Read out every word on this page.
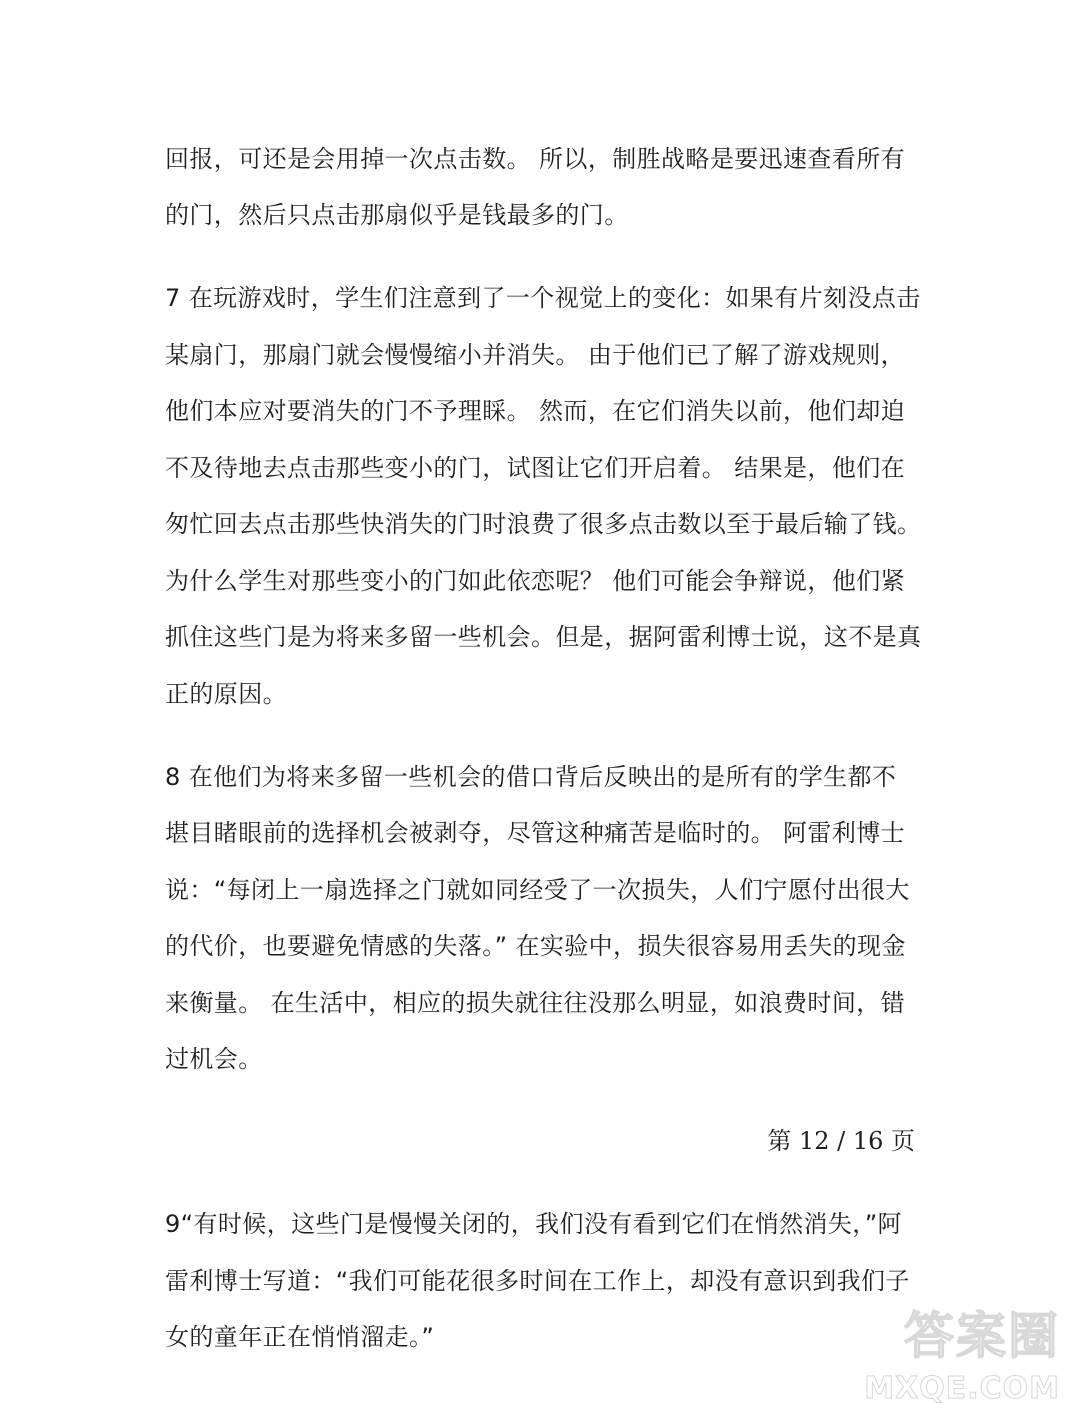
回报，可还是会用掉一次点击数。 所以，制胜战略是要迅速查看所有
的门，然后只点击那扇似乎是钱最多的门。
7 在玩游戏时，学生们注意到了一个视觉上的变化：如果有片刻没点击
某扇门，那扇门就会慢慢缩小并消失。 由于他们已了解了游戏规则，
他们本应对要消失的门不予理睬。 然而，在它们消失以前，他们却迫
不及待地去点击那些变小的门，试图让它们开启着。 结果是，他们在
匆忙回去点击那些快消失的门时浪费了很多点击数以至于最后输了钱。
为什么学生对那些变小的门如此依恋呢？ 他们可能会争辩说，他们紧
抓住这些门是为将来多留一些机会。但是，据阿雷利博士说，这不是真
正的原因。
8 在他们为将来多留一些机会的借口背后反映出的是所有的学生都不
堪目睹眼前的选择机会被剥夺，尽管这种痛苦是临时的。 阿雷利博士
说：“每闭上一扇选择之门就如同经受了一次损失，人们宁愿付出很大
的代价，也要避免情感的失落。” 在实验中，损失很容易用丢失的现金
来衡量。 在生活中，相应的损失就往往没那么明显，如浪费时间，错
过机会。
第 12 / 16 页
9“有时候，这些门是慢慢关闭的，我们没有看到它们在悄然消失，”阿
雷利博士写道：“我们可能花很多时间在工作上，却没有意识到我们子
女的童年正在悄悄溜走。”	答案圈
MXQE.COM
